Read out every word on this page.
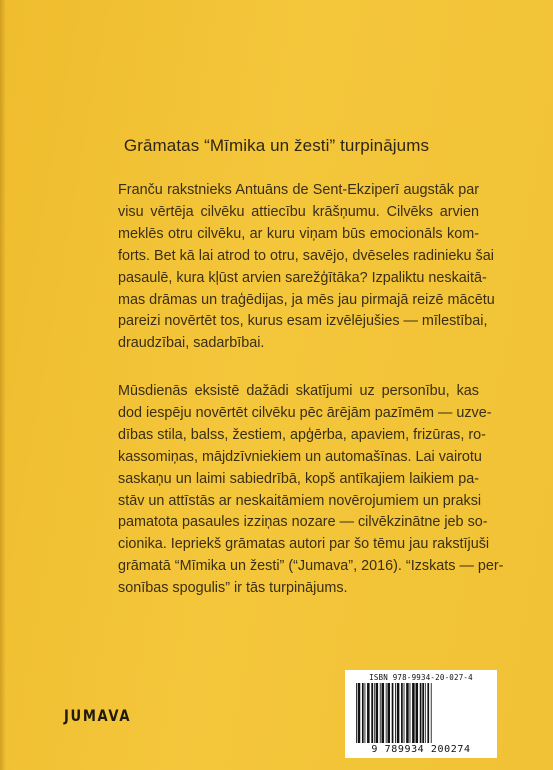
Grāmatas “Mīmika un žesti” turpinājums
Franču rakstnieks Antuāns de Sent-Ekziperī augstāk par
visu vērtēja cilvēku attiecību krāšņumu. Cilvēks arvien
meklēs otru cilvēku, ar kuru viņam būs emocionāls kom-
forts. Bet kā lai atrod to otru, savējo, dvēseles radinieku šai
pasaulē, kura kļūst arvien sarežģītāka? Izpaliktu neskaitā-
mas drāmas un traģēdijas, ja mēs jau pirmajā reizē mācētu
pareizi novērtēt tos, kurus esam izvēlējušies — mīlestībai,
draudzībai, sadarbībai.
Mūsdienās eksistē dažādi skatījumi uz personību, kas
dod iespēju novērtēt cilvēku pēc ārējām pazīmēm — uzve-
dības stila, balss, žestiem, apģērba, apaviem, frizūras, ro-
kassomiņas, mājdzīvniekiem un automašīnas. Lai vairotu
saskaņu un laimi sabiedrībā, kopš antīkajiem laikiem pa-
stāv un attīstās ar neskaitāmiem novērojumiem un praksi
pamatota pasaules izziņas nozare — cilvēkzinātne jeb so-
cionika. Iepriekš grāmatas autori par šo tēmu jau rakstījuši
grāmatā “Mīmika un žesti” (“Jumava”, 2016). “Izskats — per-
sonības spogulis” ir tās turpinājums.
JUMAVA
ISBN 978-9934-20-027-4
9 789934 200274
